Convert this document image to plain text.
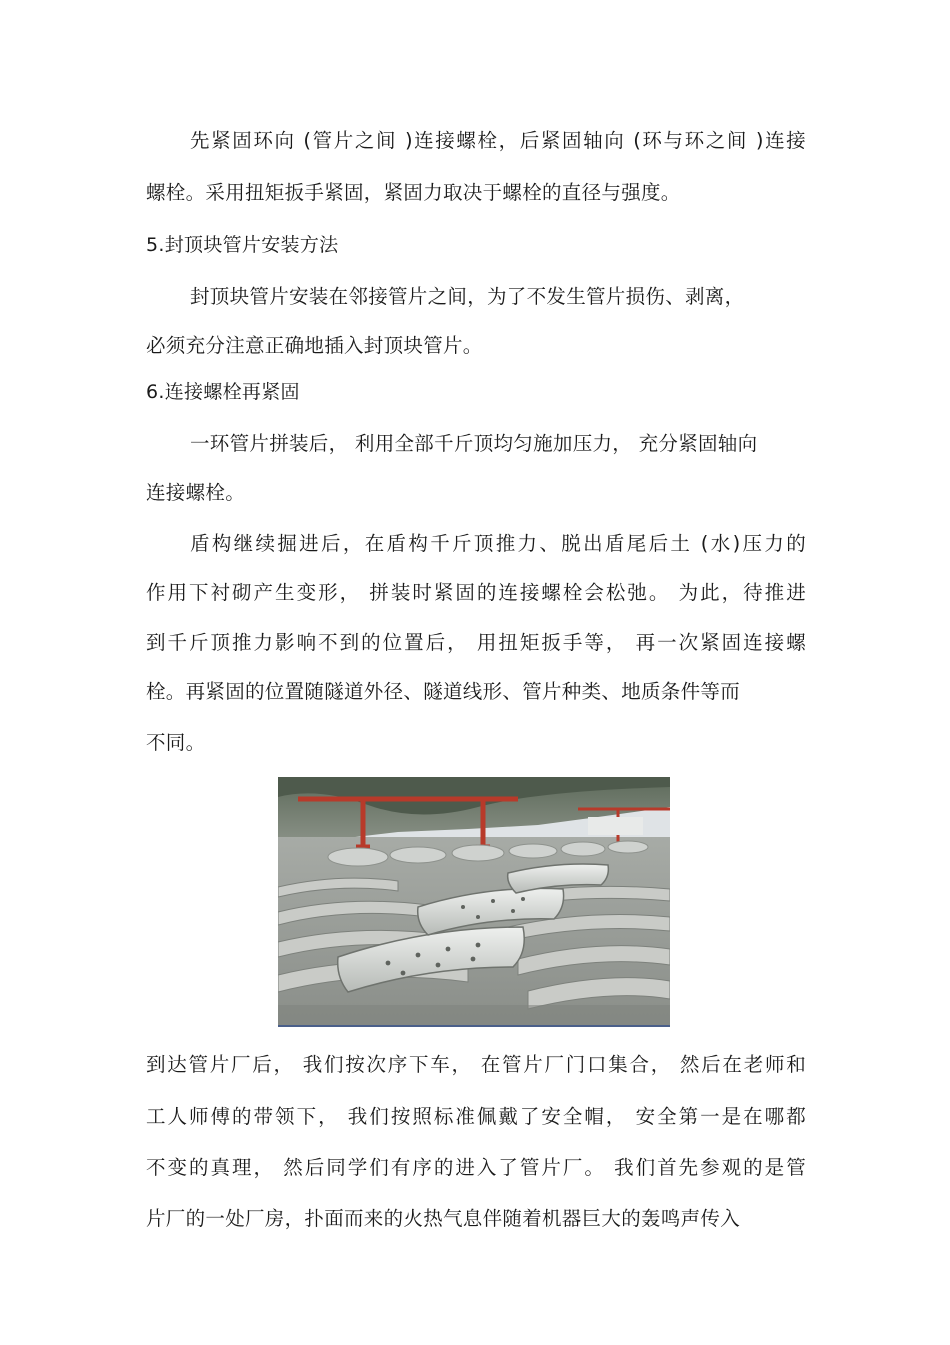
先紧固环向 (管片之间 )连接螺栓，后紧固轴向 (环与环之间 )连接
螺栓。采用扭矩扳手紧固，紧固力取决于螺栓的直径与强度。
5.封顶块管片安装方法
封顶块管片安装在邻接管片之间，为了不发生管片损伤、剥离，
必须充分注意正确地插入封顶块管片。
6.连接螺栓再紧固
一环管片拼装后， 利用全部千斤顶均匀施加压力， 充分紧固轴向
连接螺栓。
盾构继续掘进后，在盾构千斤顶推力、脱出盾尾后土 (水)压力的
作用下衬砌产生变形， 拼装时紧固的连接螺栓会松弛。 为此，待推进
到千斤顶推力影响不到的位置后， 用扭矩扳手等， 再一次紧固连接螺
栓。再紧固的位置随隧道外径、隧道线形、管片种类、地质条件等而
不同。
到达管片厂后， 我们按次序下车， 在管片厂门口集合， 然后在老师和
工人师傅的带领下， 我们按照标准佩戴了安全帽， 安全第一是在哪都
不变的真理， 然后同学们有序的进入了管片厂。 我们首先参观的是管
片厂的一处厂房，扑面而来的火热气息伴随着机器巨大的轰鸣声传入
